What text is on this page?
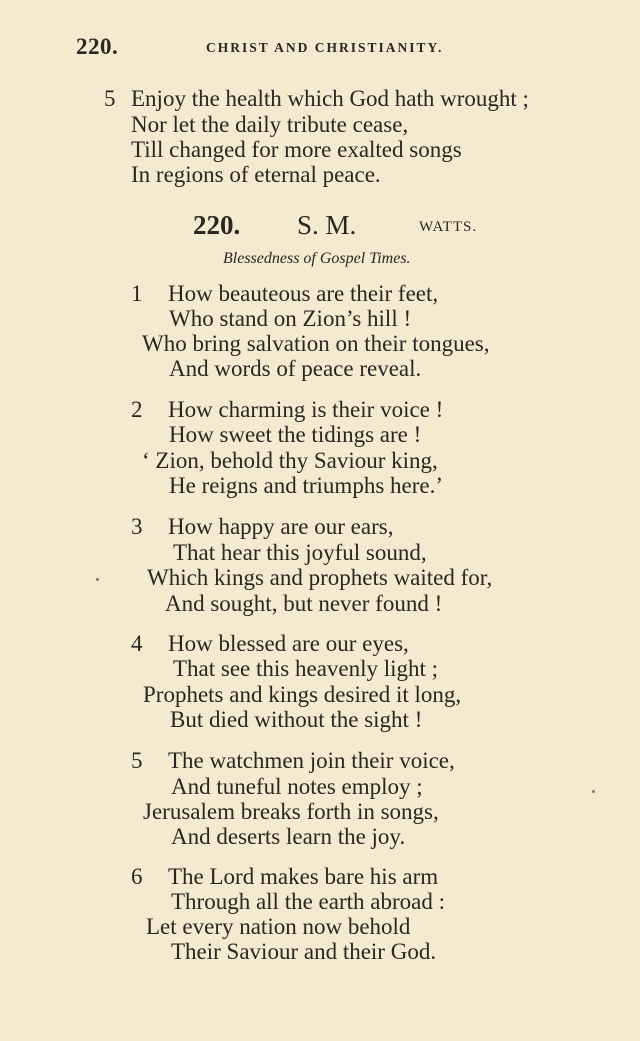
220.	CHRIST AND CHRISTIANITY.
5 Enjoy the health which God hath wrought ;
Nor let the daily tribute cease,
Till changed for more exalted songs
In regions of eternal peace.
220. S. M.	WATTS.
Blessedness of Gospel Times.
1 How beauteous are their feet,
Who stand on Zion’s hill !
Who bring salvation on their tongues,
And words of peace reveal.
2 How charming is their voice !
How sweet the tidings are !
‘ Zion, behold thy Saviour king,
He reigns and triumphs here.’
3 How happy are our ears,
That hear this joyful sound,
Which kings and prophets waited for,
And sought, but never found !
4 How blessed are our eyes,
That see this heavenly light ;
Prophets and kings desired it long,
But died without the sight !
5 The watchmen join their voice,
And tuneful notes employ ;
Jerusalem breaks forth in songs,
And deserts learn the joy.
6 The Lord makes bare his arm
Through all the earth abroad :
Let every nation now behold
Their Saviour and their God.
